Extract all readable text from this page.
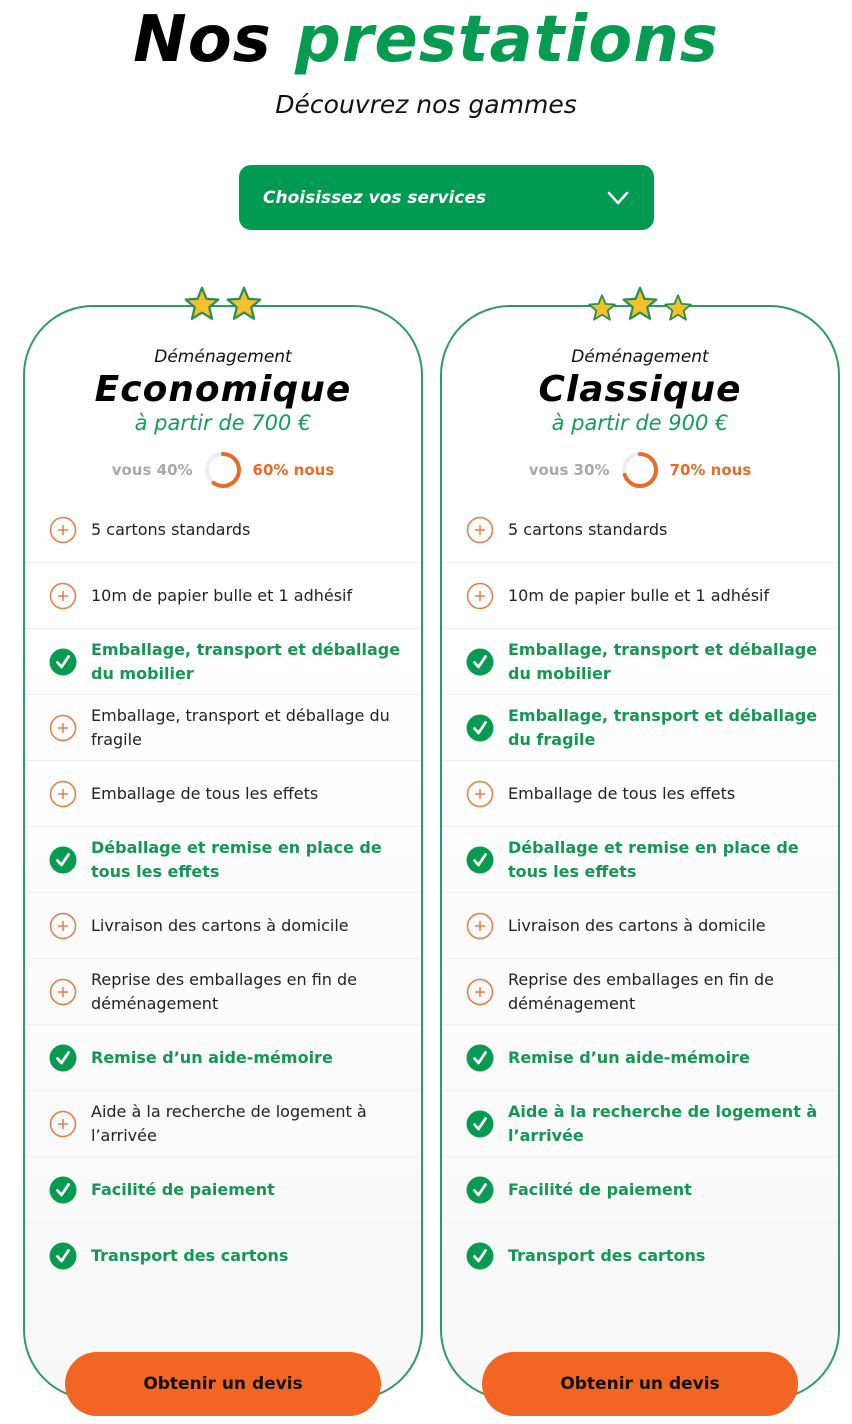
Nos prestations
Découvrez nos gammes
Choisissez vos services
Déménagement
Economique
à partir de 700 €
vous 40%	60% nous
5 cartons standards
10m de papier bulle et 1 adhésif
Emballage, transport et déballage du mobilier
Emballage, transport et déballage du fragile
Emballage de tous les effets
Déballage et remise en place de tous les effets
Livraison des cartons à domicile
Reprise des emballages en fin de déménagement
Remise d’un aide-mémoire
Aide à la recherche de logement à l’arrivée
Facilité de paiement
Transport des cartons
Obtenir un devis
Déménagement
Classique
à partir de 900 €
vous 30%	70% nous
5 cartons standards
10m de papier bulle et 1 adhésif
Emballage, transport et déballage du mobilier
Emballage, transport et déballage du fragile
Emballage de tous les effets
Déballage et remise en place de tous les effets
Livraison des cartons à domicile
Reprise des emballages en fin de déménagement
Remise d’un aide-mémoire
Aide à la recherche de logement à l’arrivée
Facilité de paiement
Transport des cartons
Obtenir un devis
